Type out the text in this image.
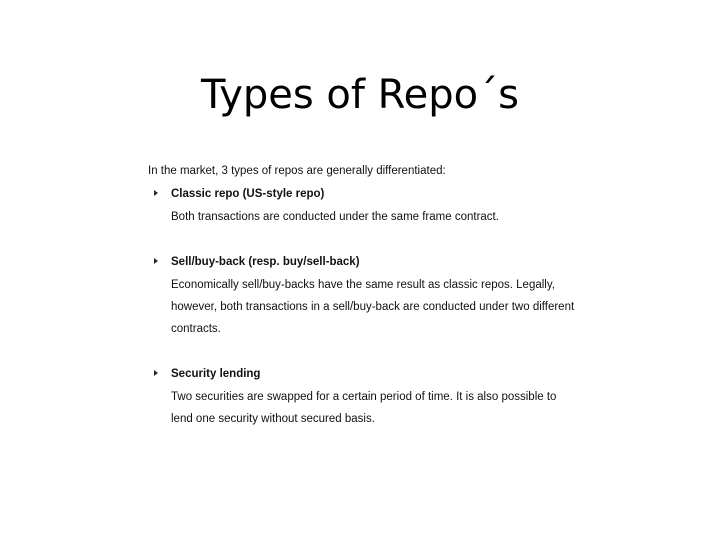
Types of Repo´s

In the market, 3 types of repos are generally differentiated:

Classic repo (US-style repo)

Both transactions are conducted under the same frame contract.

Sell/buy-back (resp. buy/sell-back)

Economically sell/buy-backs have the same result as classic repos. Legally, however, both transactions in a sell/buy-back are conducted under two different contracts.

Security lending

Two securities are swapped for a certain period of time. It is also possible to lend one security without secured basis.
